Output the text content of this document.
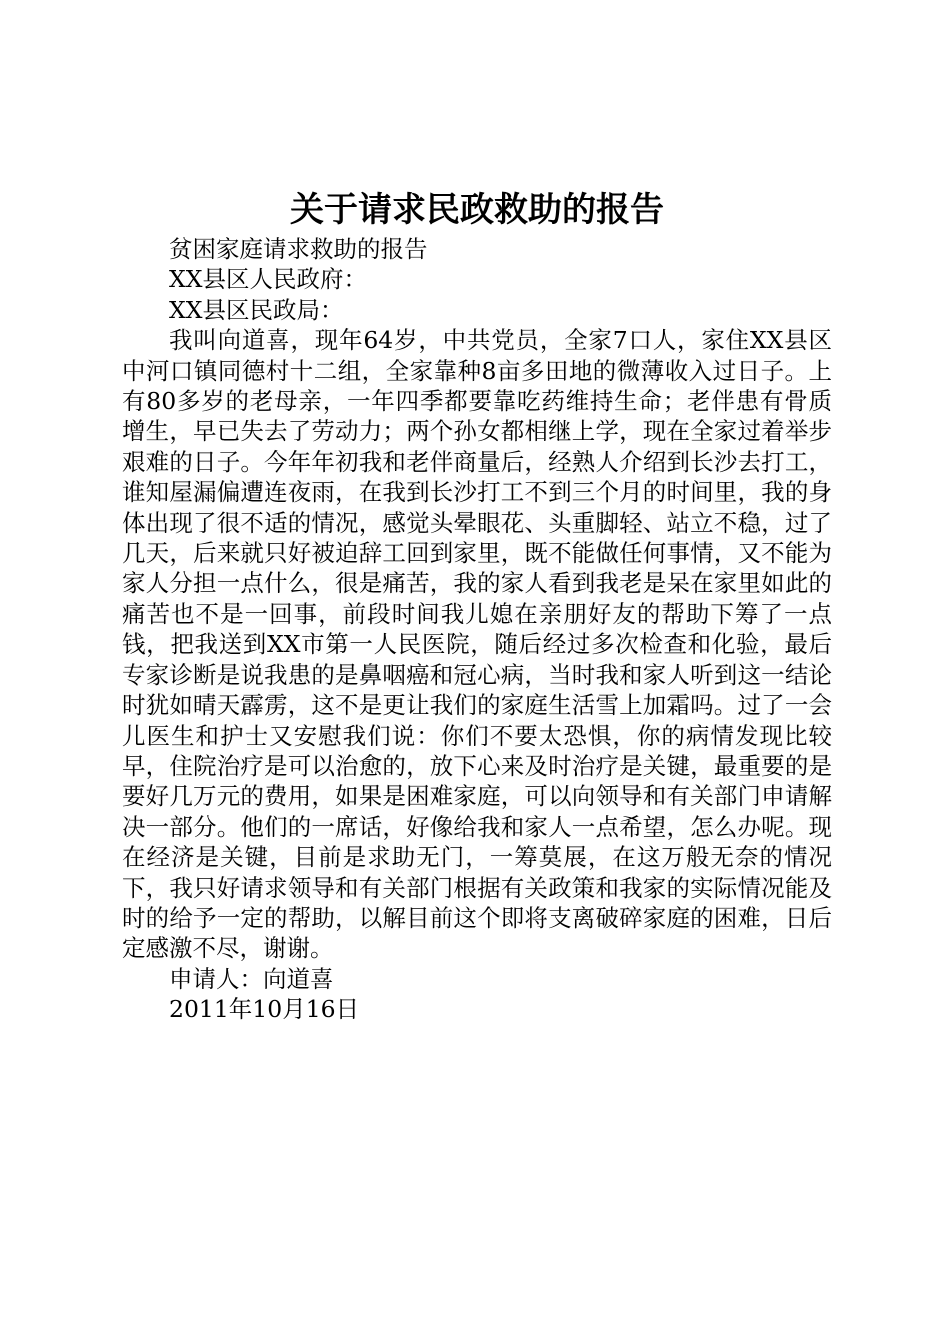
关于请求民政救助的报告

贫困家庭请求救助的报告

XX县区人民政府：

XX县区民政局：

我叫向道喜，现年64岁，中共党员，全家7口人，家住XX县区中河口镇同德村十二组，全家靠种8亩多田地的微薄收入过日子。上有80多岁的老母亲，一年四季都要靠吃药维持生命；老伴患有骨质增生，早已失去了劳动力；两个孙女都相继上学，现在全家过着举步艰难的日子。今年年初我和老伴商量后，经熟人介绍到长沙去打工，谁知屋漏偏遭连夜雨，在我到长沙打工不到三个月的时间里，我的身体出现了很不适的情况，感觉头晕眼花、头重脚轻、站立不稳，过了几天，后来就只好被迫辞工回到家里，既不能做任何事情，又不能为家人分担一点什么，很是痛苦，我的家人看到我老是呆在家里如此的痛苦也不是一回事，前段时间我儿媳在亲朋好友的帮助下筹了一点钱，把我送到XX市第一人民医院，随后经过多次检查和化验，最后专家诊断是说我患的是鼻咽癌和冠心病，当时我和家人听到这一结论时犹如晴天霹雳，这不是更让我们的家庭生活雪上加霜吗。过了一会儿医生和护士又安慰我们说：你们不要太恐惧，你的病情发现比较早，住院治疗是可以治愈的，放下心来及时治疗是关键，最重要的是要好几万元的费用，如果是困难家庭，可以向领导和有关部门申请解决一部分。他们的一席话，好像给我和家人一点希望，怎么办呢。现在经济是关键，目前是求助无门，一筹莫展，在这万般无奈的情况下，我只好请求领导和有关部门根据有关政策和我家的实际情况能及时的给予一定的帮助，以解目前这个即将支离破碎家庭的困难，日后定感激不尽，谢谢。

申请人：向道喜

2011年10月16日
